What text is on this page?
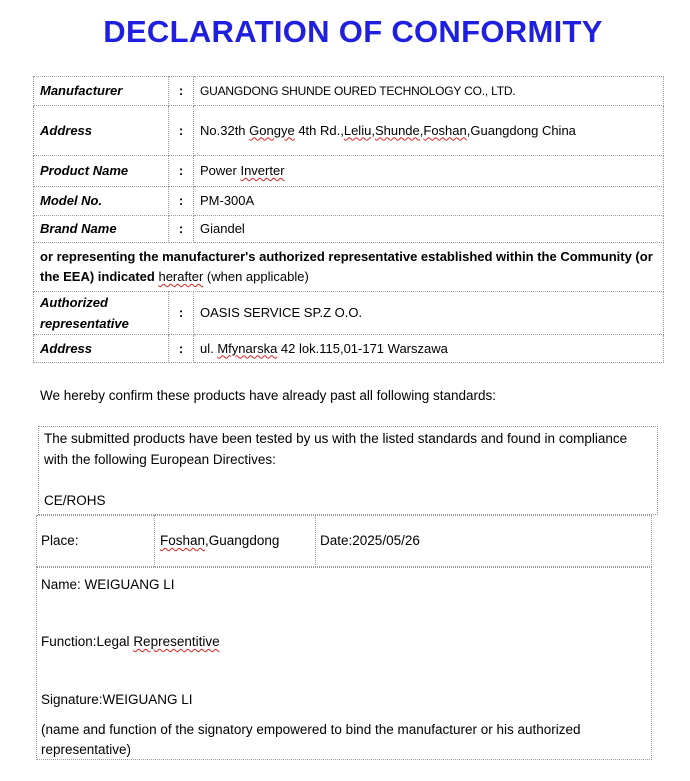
DECLARATION OF CONFORMITY
Manufacturer	:	GUANGDONG SHUNDE OURED TECHNOLOGY CO., LTD.
Address	:	No.32th Gongye 4th Rd.,Leliu,Shunde,Foshan,Guangdong China
Product Name	:	Power Inverter
Model No.	:	PM-300A
Brand Name	:	Giandel
or representing the manufacturer's authorized representative established within the Community (or the EEA) indicated herafter (when applicable)		
Authorized representative	:	OASIS SERVICE SP.Z O.O.
Address	:	ul. Mfynarska 42 lok.115,01-171 Warszawa
We hereby confirm these products have already past all following standards:
The submitted products have been tested by us with the listed standards and found in compliance with the following European Directives:
CE/ROHS
Place:	Foshan,Guangdong	Date:2025/05/26
Name: WEIGUANG LI
Function:Legal Representitive
Signature:WEIGUANG LI
(name and function of the signatory empowered to bind the manufacturer or his authorized representative)
